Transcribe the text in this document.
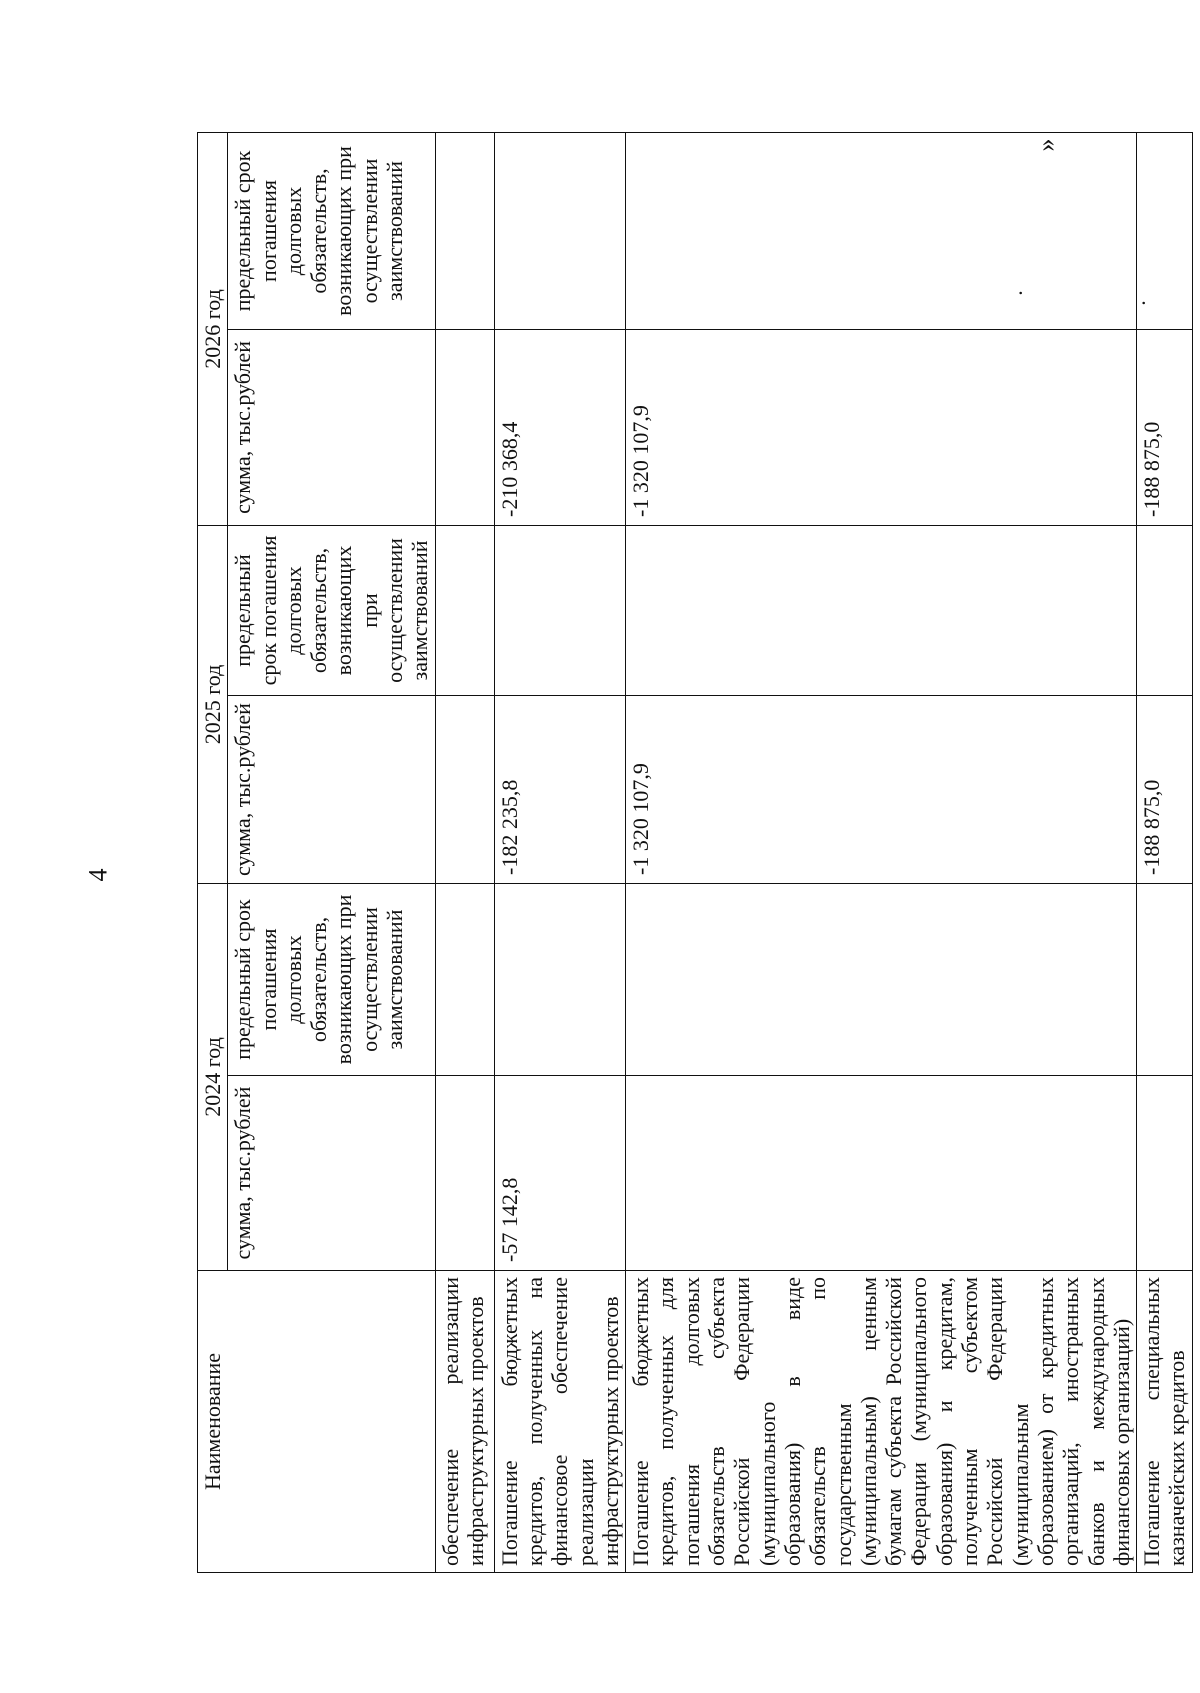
4
»
.
.
Наименование	2024 год		2025 год		2026 год	
	сумма, тыс.рублей	предельный срок погашения долговых обязательств, возникающих при осуществлении заимствований	сумма, тыс.рублей	предельный срок погашения долговых обязательств, возникающих при осуществлении заимствований	сумма, тыс.рублей	предельный срок погашения долговых обязательств, возникающих при осуществлении заимствований
обеспечение реализации инфраструктурных проектов						
Погашение бюджетных кредитов, полученных на финансовое обеспечение реализации инфраструктурных проектов	-57 142,8		-182 235,8		-210 368,4	
Погашение бюджетных кредитов, полученных для погашения долговых обязательств субъекта Российской Федерации (муниципального образования) в виде обязательств по государственным (муниципальным) ценным бумагам субъекта Российской Федерации (муниципального образования) и кредитам, полученным субъектом Российской Федерации (муниципальным образованием) от кредитных организаций, иностранных банков и международных финансовых организаций)			-1 320 107,9		-1 320 107,9	
Погашение специальных казначейских кредитов			-188 875,0		-188 875,0	
